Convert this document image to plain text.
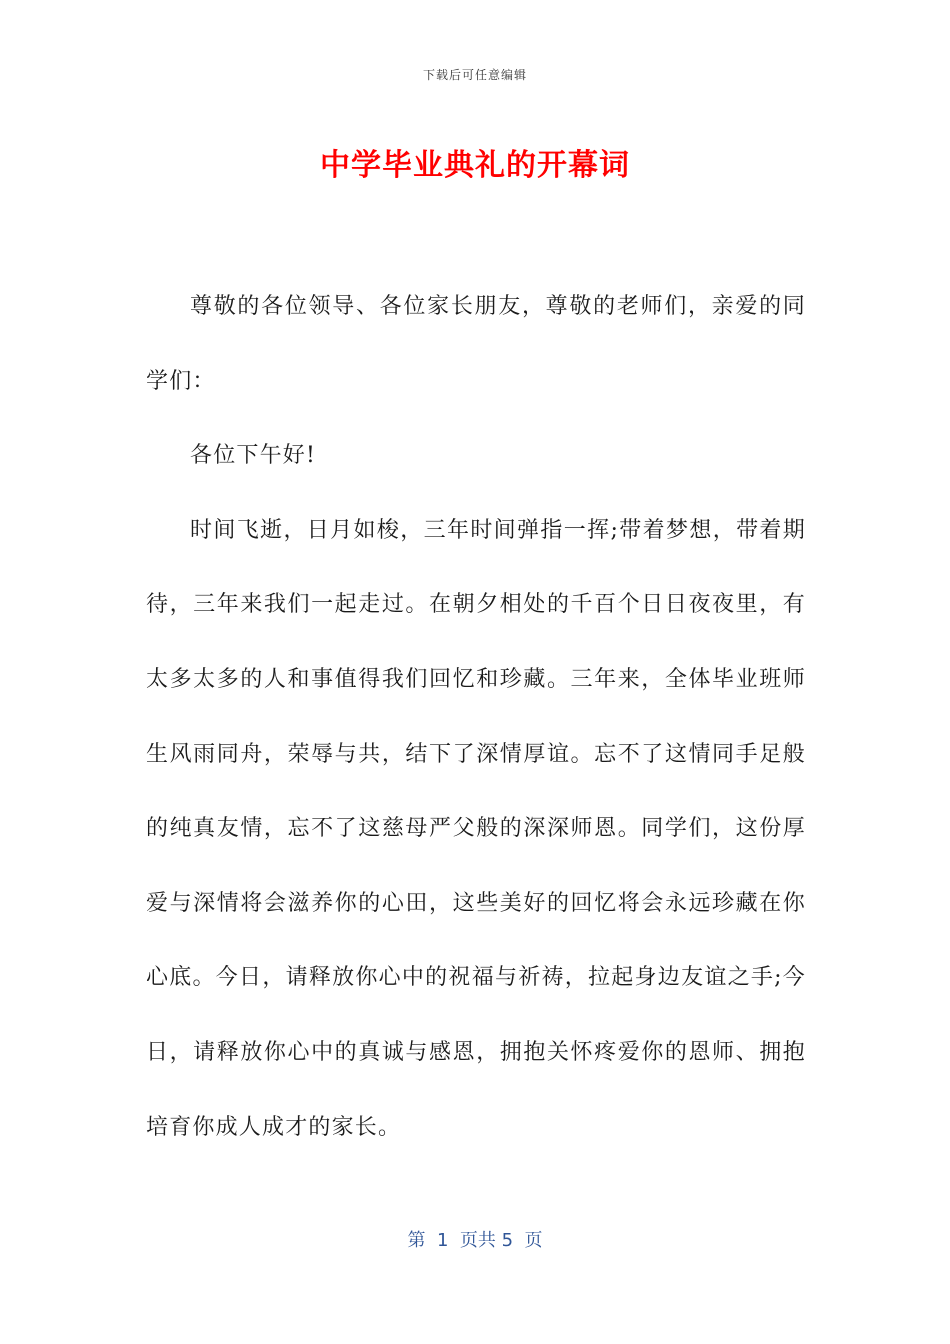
下载后可任意编辑
中学毕业典礼的开幕词

尊敬的各位领导、各位家长朋友，尊敬的老师们，亲爱的同学们：

各位下午好!

时间飞逝，日月如梭，三年时间弹指一挥;带着梦想，带着期待，三年来我们一起走过。在朝夕相处的千百个日日夜夜里，有太多太多的人和事值得我们回忆和珍藏。三年来，全体毕业班师生风雨同舟，荣辱与共，结下了深情厚谊。忘不了这情同手足般的纯真友情，忘不了这慈母严父般的深深师恩。同学们，这份厚爱与深情将会滋养你的心田，这些美好的回忆将会永远珍藏在你心底。今日，请释放你心中的祝福与祈祷，拉起身边友谊之手;今日，请释放你心中的真诚与感恩，拥抱关怀疼爱你的恩师、拥抱培育你成人成才的家长。

第  1  页共 5  页
